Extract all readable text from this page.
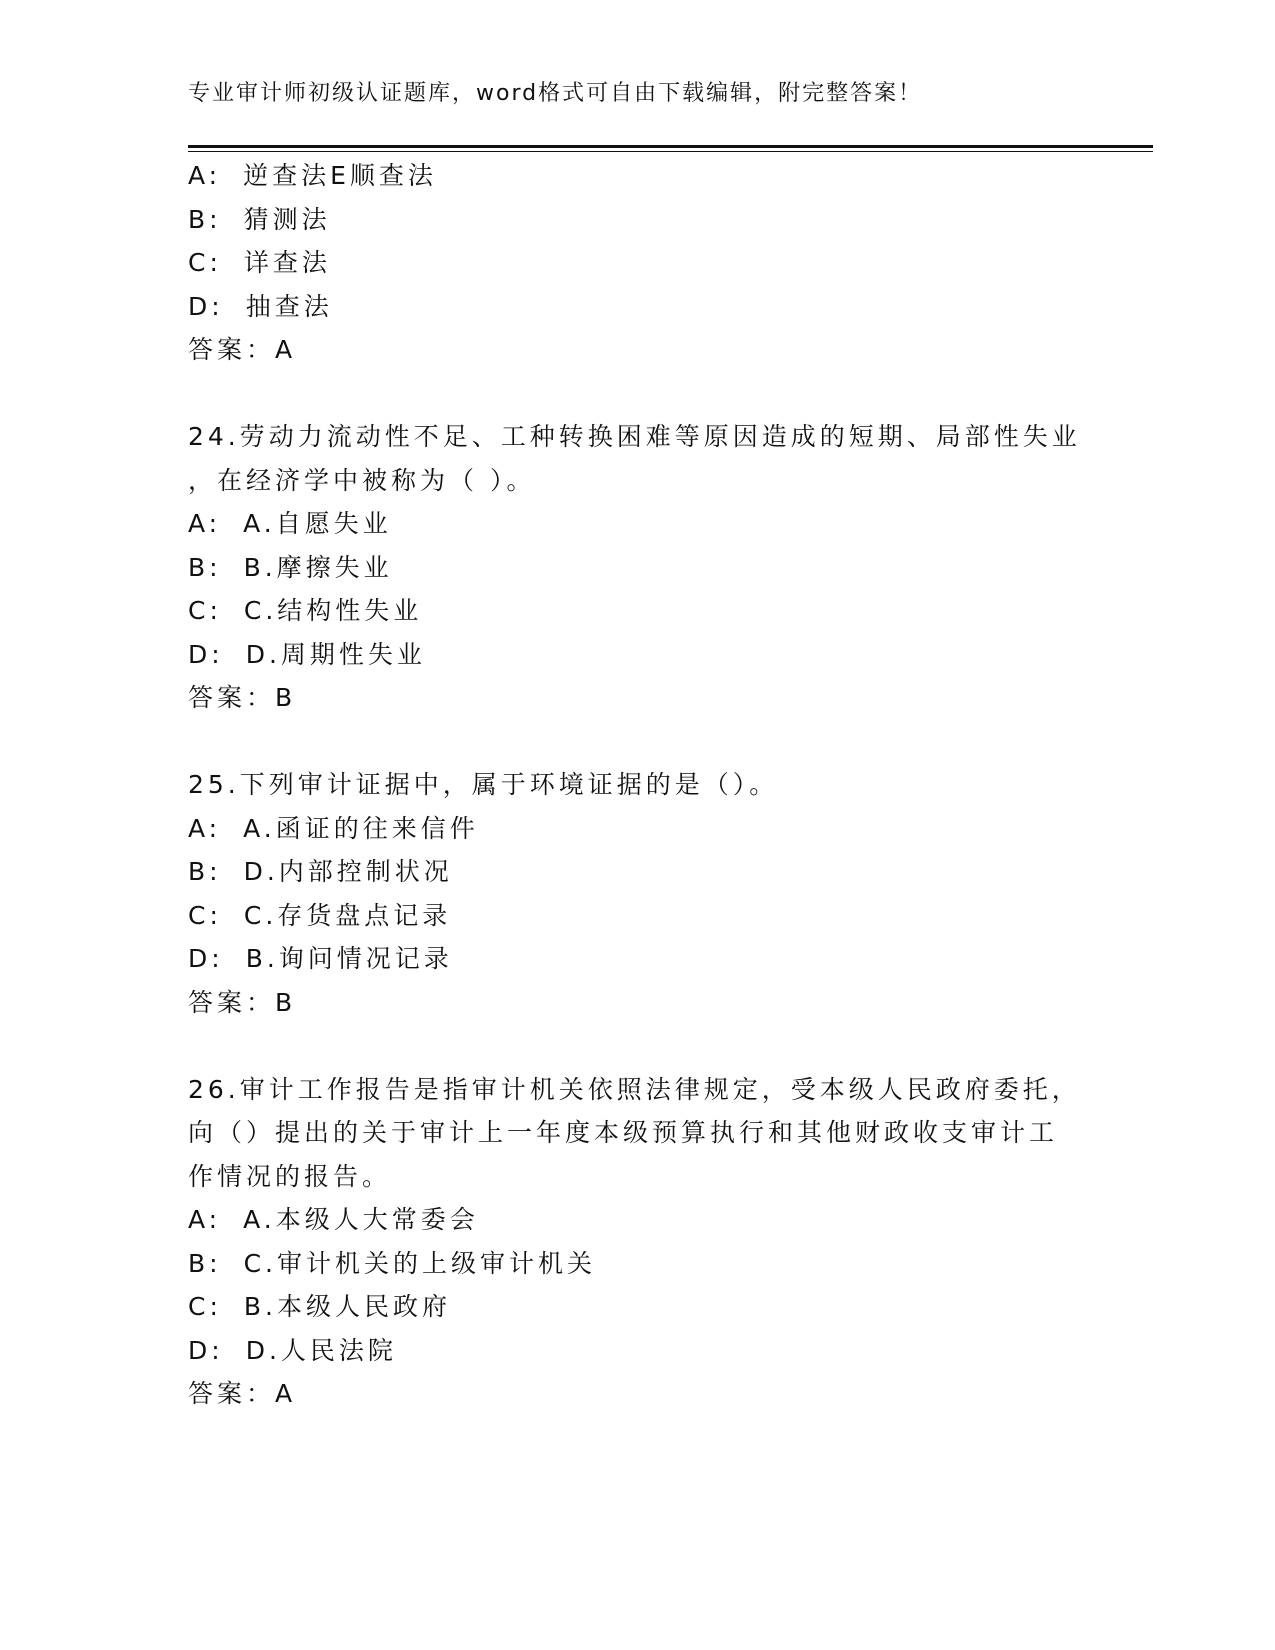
专业审计师初级认证题库，word格式可自由下载编辑，附完整答案！
A: 逆查法E顺查法
B: 猜测法
C: 详查法
D: 抽查法
答案：A
24.劳动力流动性不足、工种转换困难等原因造成的短期、局部性失业
，在经济学中被称为（ ）。
A: A.自愿失业
B: B.摩擦失业
C: C.结构性失业
D: D.周期性失业
答案：B
25.下列审计证据中，属于环境证据的是（）。
A: A.函证的往来信件
B: D.内部控制状况
C: C.存货盘点记录
D: B.询问情况记录
答案：B
26.审计工作报告是指审计机关依照法律规定，受本级人民政府委托，
向（）提出的关于审计上一年度本级预算执行和其他财政收支审计工
作情况的报告。
A: A.本级人大常委会
B: C.审计机关的上级审计机关
C: B.本级人民政府
D: D.人民法院
答案：A
